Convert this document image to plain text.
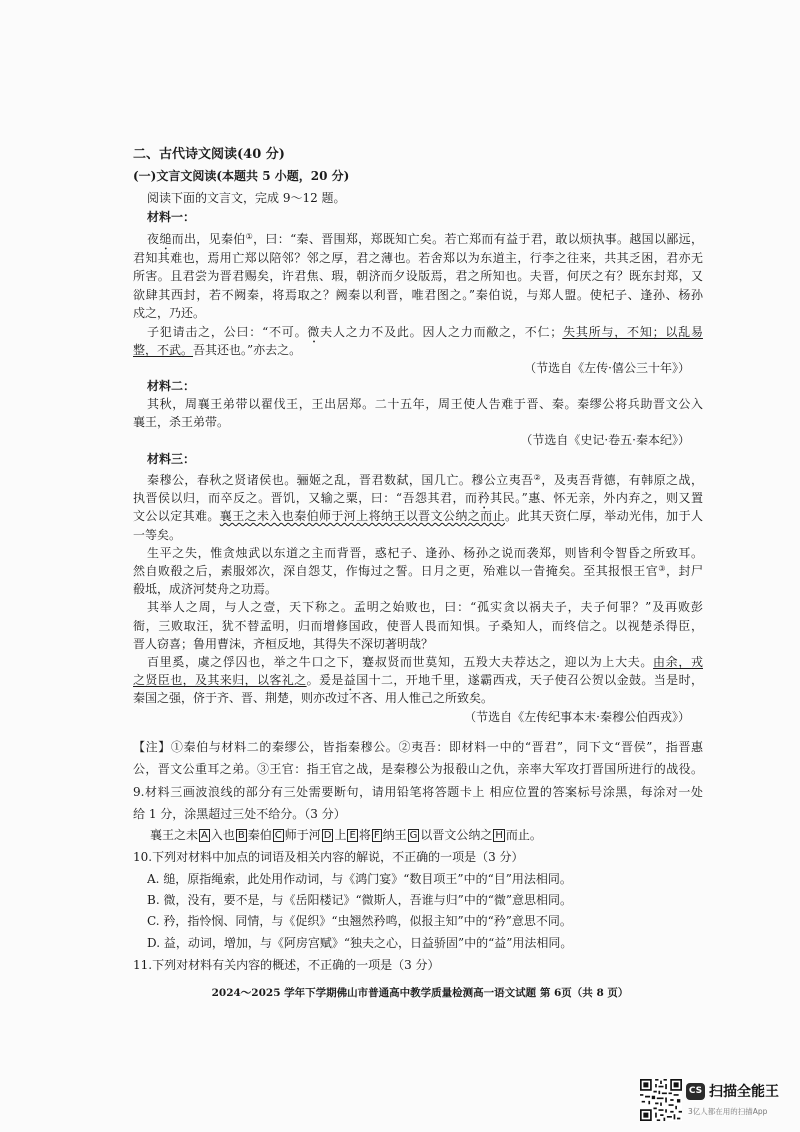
二、古代诗文阅读(40 分)
(一)文言文阅读(本题共 5 小题，20 分)
阅读下面的文言文，完成 9～12 题。
材料一：
夜缒而出，见秦伯①，曰：“秦、晋围郑，郑既知亡矣。若亡郑而有益于君，敢以烦执事。越国以鄙远，
君知其难也，焉用亡郑以陪邻？邻之厚，君之薄也。若舍郑以为东道主，行李之往来，共其乏困，君亦无
所害。且君尝为晋君赐矣，许君焦、瑕，朝济而夕设版焉，君之所知也。夫晋，何厌之有？既东封郑，又
欲肆其西封，若不阙秦，将焉取之？阙秦以利晋，唯君图之。”秦伯说，与郑人盟。使杞子、逢孙、杨孙
戍之，乃还。
子犯请击之，公曰：“不可。微夫人之力不及此。因人之力而敝之，不仁；失其所与，不知；以乱易
整，不武。吾其还也。”亦去之。
（节选自《左传·僖公三十年》）
材料二：
其秋，周襄王弟带以翟伐王，王出居郑。二十五年，周王使人告难于晋、秦。秦缪公将兵助晋文公入
襄王，杀王弟带。
（节选自《史记·卷五·秦本纪》）
材料三：
秦穆公，春秋之贤诸侯也。骊姬之乱，晋君数弑，国几亡。穆公立夷吾②，及夷吾背德，有韩原之战，
执晋侯以归，而卒反之。晋饥，又输之粟，曰：“吾怨其君，而矜其民。”惠、怀无亲，外内弃之，则又置
文公以定其难。襄王之未入也秦伯师于河上将纳王以晋文公纳之而止。此其天资仁厚，举动光伟，加于人
一等矣。
生平之失，惟贪烛武以东道之主而背晋，惑杞子、逢孙、杨孙之说而袭郑，则皆利令智昏之所致耳。
然自败殽之后，素服郊次，深自怨艾，作悔过之誓。日月之更，殆难以一眚掩矣。至其报恨王官③，封尸
殽坻，成济河焚舟之功焉。
其举人之周，与人之壹，天下称之。孟明之始败也，曰：“孤实贪以祸夫子，夫子何罪？”及再败彭
衙，三败取汪，犹不替孟明，归而增修国政，使晋人畏而知惧。子桑知人，而终信之。以视楚杀得臣，
晋人窃喜；鲁用曹沫，齐桓反地，其得失不深切著明哉？
百里奚，虞之俘囚也，举之牛口之下，蹇叔贤而世莫知，五羖大夫荐达之，迎以为上大夫。由余，戎
之贤臣也，及其来归，以客礼之。爰是益国十二，开地千里，遂霸西戎，天子使召公贺以金鼓。当是时，
秦国之强，侪于齐、晋、荆楚，则亦改过不吝、用人惟己之所致矣。
（节选自《左传纪事本末·秦穆公伯西戎》）
【注】①秦伯与材料二的秦缪公，皆指秦穆公。②夷吾：即材料一中的“晋君”，同下文“晋侯”，指晋惠
公，晋文公重耳之弟。③王官：指王官之战，是秦穆公为报殽山之仇，亲率大军攻打晋国所进行的战役。
9.材料三画波浪线的部分有三处需要断句，请用铅笔将答题卡上 相应位置的答案标号涂黑，每涂对一处
给 1 分，涂黑超过三处不给分。（3 分）
襄王之未 A 入也 B 秦伯 C 师于河 D 上 E 将 F 纳王 G 以晋文公纳之 H 而止。
10.下列对材料中加点的词语及相关内容的解说，不正确的一项是（3 分）
A. 缒，原指绳索，此处用作动词，与《鸿门宴》“数目项王”中的“目”用法相同。
B. 微，没有，要不是，与《岳阳楼记》“微斯人，吾谁与归”中的“微”意思相同。
C. 矜，指怜悯、同情，与《促织》“虫翘然矜鸣，似报主知”中的“矜”意思不同。
D. 益，动词，增加，与《阿房宫赋》“独夫之心，日益骄固”中的“益”用法相同。
11.下列对材料有关内容的概述，不正确的一项是（3 分）
2024～2025 学年下学期佛山市普通高中教学质量检测高一语文试题 第 6页（共 8 页）
CS 扫描全能王
3亿人都在用的扫描App
